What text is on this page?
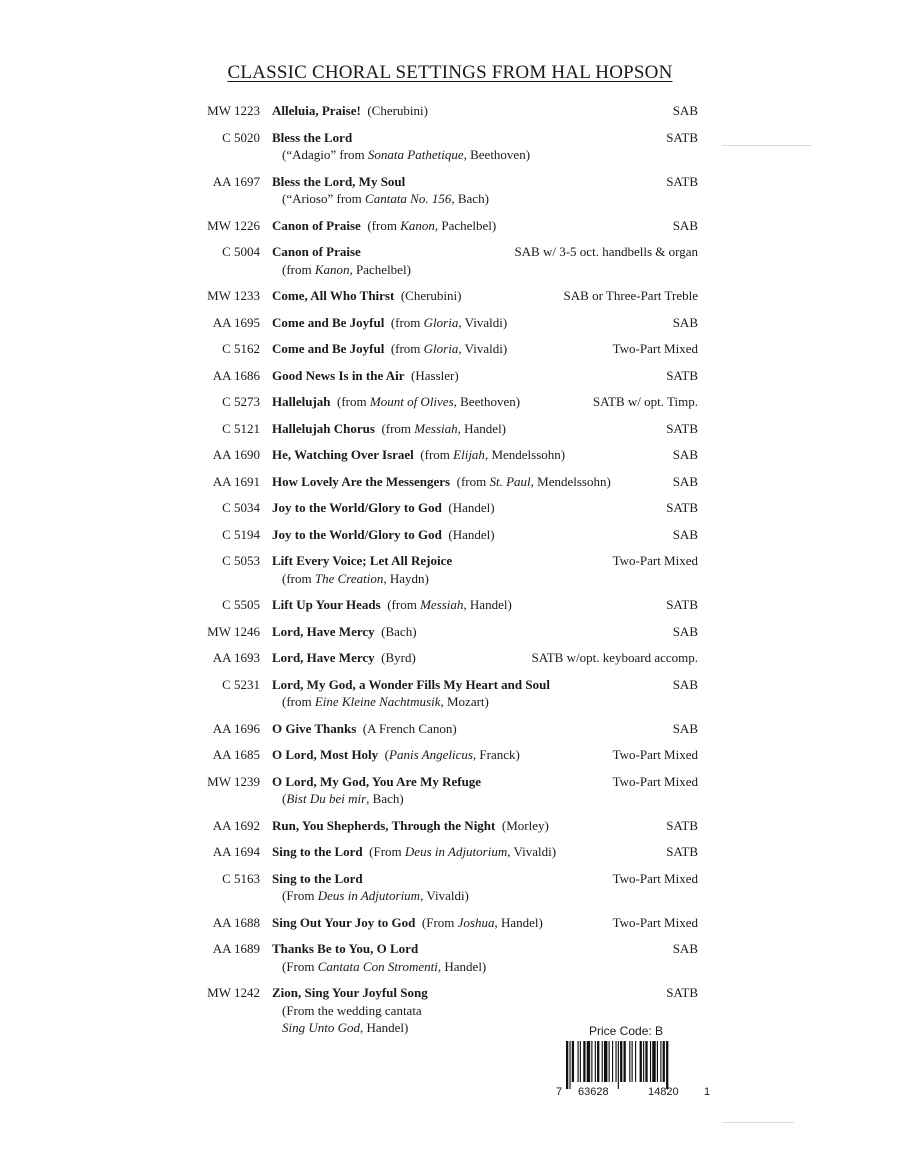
CLASSIC CHORAL SETTINGS FROM HAL HOPSON
MW 1223 Alleluia, Praise! (Cherubini)	SAB
C 5020 Bless the Lord	SATB
(“Adagio” from Sonata Pathetique, Beethoven)
AA 1697 Bless the Lord, My Soul	SATB
(“Arioso” from Cantata No. 156, Bach)
MW 1226 Canon of Praise (from Kanon, Pachelbel)	SAB
C 5004 Canon of Praise	SAB w/ 3-5 oct. handbells & organ
(from Kanon, Pachelbel)
MW 1233 Come, All Who Thirst (Cherubini)	SAB or Three-Part Treble
AA 1695 Come and Be Joyful (from Gloria, Vivaldi)	SAB
C 5162 Come and Be Joyful (from Gloria, Vivaldi)	Two-Part Mixed
AA 1686 Good News Is in the Air (Hassler)	SATB
C 5273 Hallelujah (from Mount of Olives, Beethoven)	SATB w/ opt. Timp.
C 5121 Hallelujah Chorus (from Messiah, Handel)	SATB
AA 1690 He, Watching Over Israel (from Elijah, Mendelssohn)	SAB
AA 1691 How Lovely Are the Messengers (from St. Paul, Mendelssohn)	SAB
C 5034 Joy to the World/Glory to God (Handel)	SATB
C 5194 Joy to the World/Glory to God (Handel)	SAB
C 5053 Lift Every Voice; Let All Rejoice	Two-Part Mixed
(from The Creation, Haydn)
C 5505 Lift Up Your Heads (from Messiah, Handel)	SATB
MW 1246 Lord, Have Mercy (Bach)	SAB
AA 1693 Lord, Have Mercy (Byrd)	SATB w/opt. keyboard accomp.
C 5231 Lord, My God, a Wonder Fills My Heart and Soul	SAB
(from Eine Kleine Nachtmusik, Mozart)
AA 1696 O Give Thanks (A French Canon)	SAB
AA 1685 O Lord, Most Holy (Panis Angelicus, Franck)	Two-Part Mixed
MW 1239 O Lord, My God, You Are My Refuge	Two-Part Mixed
(Bist Du bei mir, Bach)
AA 1692 Run, You Shepherds, Through the Night (Morley)	SATB
AA 1694 Sing to the Lord (From Deus in Adjutorium, Vivaldi)	SATB
C 5163 Sing to the Lord	Two-Part Mixed
(From Deus in Adjutorium, Vivaldi)
AA 1688 Sing Out Your Joy to God (From Joshua, Handel)	Two-Part Mixed
AA 1689 Thanks Be to You, O Lord	SAB
(From Cantata Con Stromenti, Handel)
MW 1242 Zion, Sing Your Joyful Song	SATB
(From the wedding cantata
Sing Unto God, Handel)	Price Code: B
7 63628	14820 1
